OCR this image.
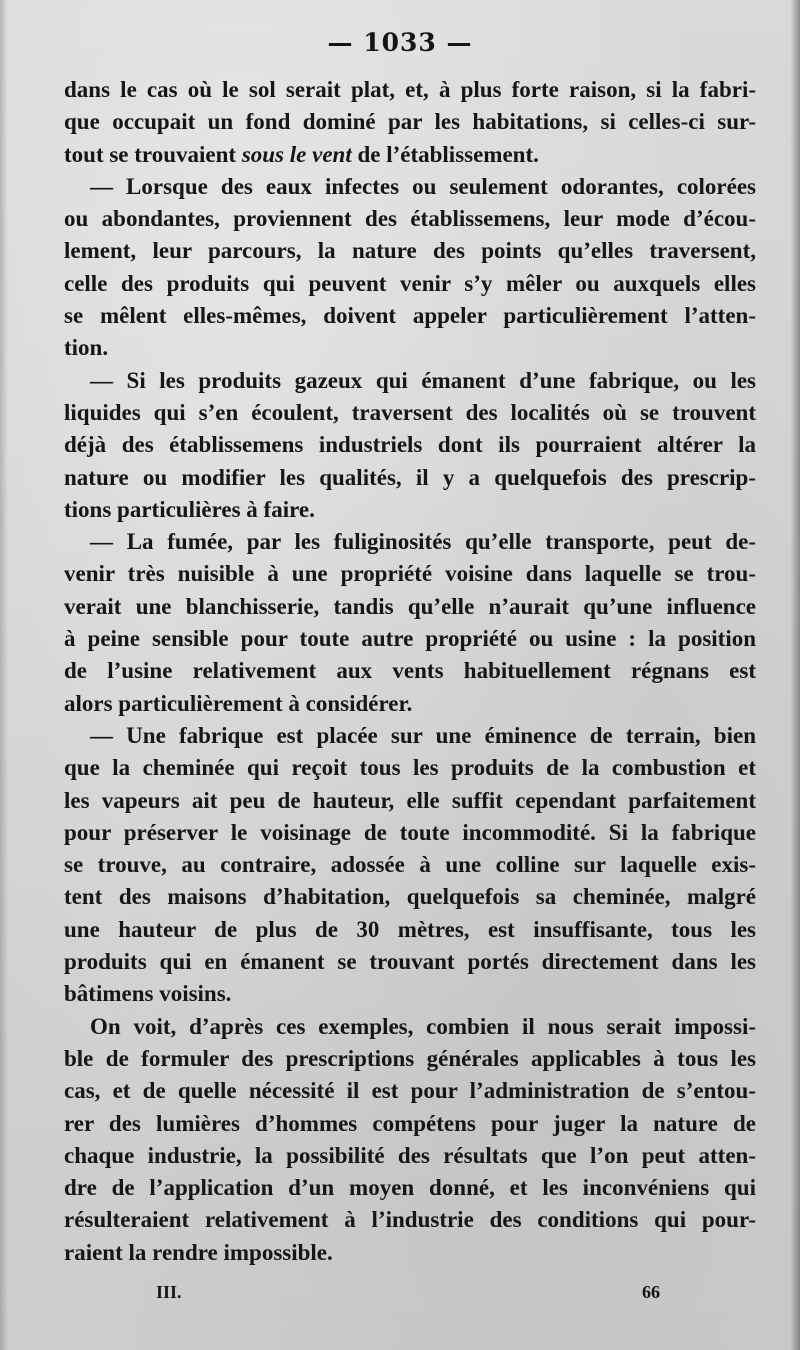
— 1033 —
dans le cas où le sol serait plat, et, à plus forte raison, si la fabri-
que occupait un fond dominé par les habitations, si celles-ci sur-
tout se trouvaient sous le vent de l’établissement.
— Lorsque des eaux infectes ou seulement odorantes, colorées
ou abondantes, proviennent des établissemens, leur mode d’écou-
lement, leur parcours, la nature des points qu’elles traversent,
celle des produits qui peuvent venir s’y mêler ou auxquels elles
se mêlent elles-mêmes, doivent appeler particulièrement l’atten-
tion.
— Si les produits gazeux qui émanent d’une fabrique, ou les
liquides qui s’en écoulent, traversent des localités où se trouvent
déjà des établissemens industriels dont ils pourraient altérer la
nature ou modifier les qualités, il y a quelquefois des prescrip-
tions particulières à faire.
— La fumée, par les fuliginosités qu’elle transporte, peut de-
venir très nuisible à une propriété voisine dans laquelle se trou-
verait une blanchisserie, tandis qu’elle n’aurait qu’une influence
à peine sensible pour toute autre propriété ou usine : la position
de l’usine relativement aux vents habituellement régnans est
alors particulièrement à considérer.
— Une fabrique est placée sur une éminence de terrain, bien
que la cheminée qui reçoit tous les produits de la combustion et
les vapeurs ait peu de hauteur, elle suffit cependant parfaitement
pour préserver le voisinage de toute incommodité. Si la fabrique
se trouve, au contraire, adossée à une colline sur laquelle exis-
tent des maisons d’habitation, quelquefois sa cheminée, malgré
une hauteur de plus de 30 mètres, est insuffisante, tous les
produits qui en émanent se trouvant portés directement dans les
bâtimens voisins.
On voit, d’après ces exemples, combien il nous serait impossi-
ble de formuler des prescriptions générales applicables à tous les
cas, et de quelle nécessité il est pour l’administration de s’entou-
rer des lumières d’hommes compétens pour juger la nature de
chaque industrie, la possibilité des résultats que l’on peut atten-
dre de l’application d’un moyen donné, et les inconvéniens qui
résulteraient relativement à l’industrie des conditions qui pour-
raient la rendre impossible.
III.	66
